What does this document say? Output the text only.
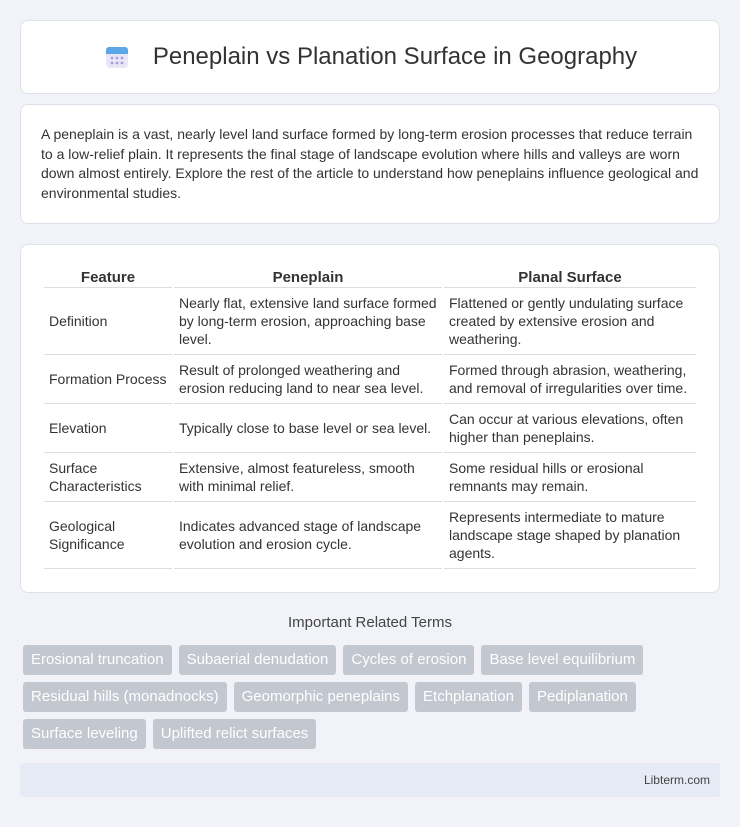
Peneplain vs Planation Surface in Geography

A peneplain is a vast, nearly level land surface formed by long-term erosion processes that reduce terrain to a low-relief plain. It represents the final stage of landscape evolution where hills and valleys are worn down almost entirely. Explore the rest of the article to understand how peneplains influence geological and environmental studies.

Feature	Peneplain	Planal Surface
Definition	Nearly flat, extensive land surface formed by long-term erosion, approaching base level.	Flattened or gently undulating surface created by extensive erosion and weathering.
Formation Process	Result of prolonged weathering and erosion reducing land to near sea level.	Formed through abrasion, weathering, and removal of irregularities over time.
Elevation	Typically close to base level or sea level.	Can occur at various elevations, often higher than peneplains.
Surface Characteristics	Extensive, almost featureless, smooth with minimal relief.	Some residual hills or erosional remnants may remain.
Geological Significance	Indicates advanced stage of landscape evolution and erosion cycle.	Represents intermediate to mature landscape stage shaped by planation agents.
Important Related Terms
Erosional truncation	Subaerial denudation	Cycles of erosion	Base level equilibrium
Residual hills (monadnocks)	Geomorphic peneplains	Etchplanation	Pediplanation
Surface leveling	Uplifted relict surfaces
Libterm.com
